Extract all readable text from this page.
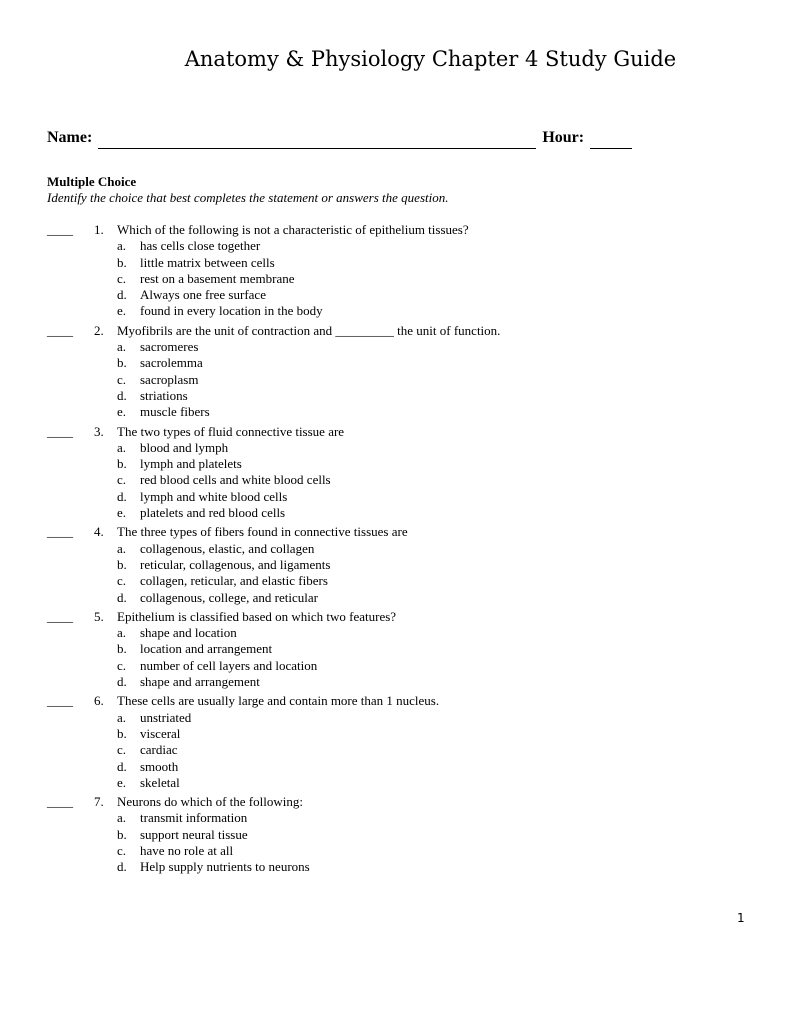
Anatomy & Physiology Chapter 4 Study Guide
Name:	Hour:
Multiple Choice
Identify the choice that best completes the statement or answers the question.
____ 1. Which of the following is not a characteristic of epithelium tissues?
a. has cells close together
b. little matrix between cells
c. rest on a basement membrane
d. Always one free surface
e. found in every location in the body
____ 2. Myofibrils are the unit of contraction and _________ the unit of function.
a. sacromeres
b. sacrolemma
c. sacroplasm
d. striations
e. muscle fibers
____ 3. The two types of fluid connective tissue are
a. blood and lymph
b. lymph and platelets
c. red blood cells and white blood cells
d. lymph and white blood cells
e. platelets and red blood cells
____ 4. The three types of fibers found in connective tissues are
a. collagenous, elastic, and collagen
b. reticular, collagenous, and ligaments
c. collagen, reticular, and elastic fibers
d. collagenous, college, and reticular
____ 5. Epithelium is classified based on which two features?
a. shape and location
b. location and arrangement
c. number of cell layers and location
d. shape and arrangement
____ 6. These cells are usually large and contain more than 1 nucleus.
a. unstriated
b. visceral
c. cardiac
d. smooth
e. skeletal
____ 7. Neurons do which of the following:
a. transmit information
b. support neural tissue
c. have no role at all
d. Help supply nutrients to neurons
1
